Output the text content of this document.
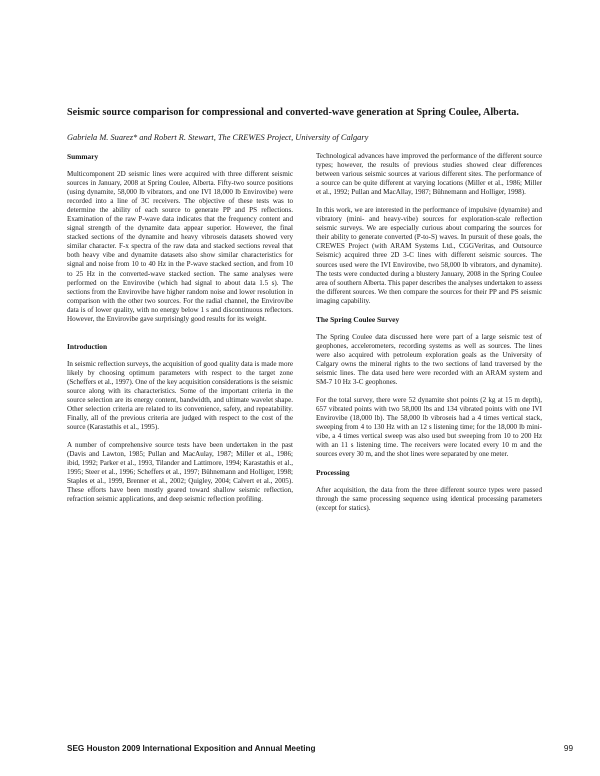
Seismic source comparison for compressional and converted-wave generation at Spring Coulee, Alberta.
Gabriela M. Suarez* and Robert R. Stewart, The CREWES Project, University of Calgary
Summary

Multicomponent 2D seismic lines were acquired with three different seismic sources in January, 2008 at Spring Coulee, Alberta. Fifty-two source positions (using dynamite, 58,000 lb vibrators, and one IVI 18,000 lb Envirovibe) were recorded into a line of 3C receivers. The objective of these tests was to determine the ability of each source to generate PP and PS reflections. Examination of the raw P-wave data indicates that the frequency content and signal strength of the dynamite data appear superior. However, the final stacked sections of the dynamite and heavy vibroseis datasets showed very similar character. F-x spectra of the raw data and stacked sections reveal that both heavy vibe and dynamite datasets also show similar characteristics for signal and noise from 10 to 40 Hz in the P-wave stacked section, and from 10 to 25 Hz in the converted-wave stacked section. The same analyses were performed on the Envirovibe (which had signal to about data 1.5 s). The sections from the Envirovibe have higher random noise and lower resolution in comparison with the other two sources. For the radial channel, the Envirovibe data is of lower quality, with no energy below 1 s and discontinuous reflectors. However, the Envirovibe gave surprisingly good results for its weight.

Introduction

In seismic reflection surveys, the acquisition of good quality data is made more likely by choosing optimum parameters with respect to the target zone (Scheffers et al., 1997). One of the key acquisition considerations is the seismic source along with its characteristics. Some of the important criteria in the source selection are its energy content, bandwidth, and ultimate wavelet shape. Other selection criteria are related to its convenience, safety, and repeatability. Finally, all of the previous criteria are judged with respect to the cost of the source (Karastathis et al., 1995).

A number of comprehensive source tests have been undertaken in the past (Davis and Lawton, 1985; Pullan and MacAulay, 1987; Miller et al., 1986; ibid, 1992; Parker et al., 1993, Tilander and Lattimore, 1994; Karastathis et al., 1995; Steer et al., 1996; Scheffers et al., 1997; Bühnemann and Holliger, 1998; Staples et al., 1999, Brenner et al., 2002; Quigley, 2004; Calvert et al., 2005). These efforts have been mostly geared toward shallow seismic reflection, refraction seismic applications, and deep seismic reflection profiling.

Technological advances have improved the performance of the different source types; however, the results of previous studies showed clear differences between various seismic sources at various different sites. The performance of a source can be quite different at varying locations (Miller et al., 1986; Miller et al., 1992; Pullan and MacAllay, 1987; Bühnemann and Holliger, 1998).

In this work, we are interested in the performance of impulsive (dynamite) and vibratory (mini- and heavy-vibe) sources for exploration-scale reflection seismic surveys. We are especially curious about comparing the sources for their ability to generate converted (P-to-S) waves. In pursuit of these goals, the CREWES Project (with ARAM Systems Ltd., CGGVeritas, and Outsource Seismic) acquired three 2D 3-C lines with different seismic sources. The sources used were the IVI Envirovibe, two 58,000 lb vibrators, and dynamite). The tests were conducted during a blustery January, 2008 in the Spring Coulee area of southern Alberta. This paper describes the analyses undertaken to assess the different sources. We then compare the sources for their PP and PS seismic imaging capability.

The Spring Coulee Survey

The Spring Coulee data discussed here were part of a large seismic test of geophones, accelerometers, recording systems as well as sources. The lines were also acquired with petroleum exploration goals as the University of Calgary owns the mineral rights to the two sections of land traversed by the seismic lines. The data used here were recorded with an ARAM system and SM-7 10 Hz 3-C geophones.

For the total survey, there were 52 dynamite shot points (2 kg at 15 m depth), 657 vibrated points with two 58,000 lbs and 134 vibrated points with one IVI Envirovibe (18,000 lb). The 58,000 lb vibroseis had a 4 times vertical stack, sweeping from 4 to 130 Hz with an 12 s listening time; for the 18,000 lb mini-vibe, a 4 times vertical sweep was also used but sweeping from 10 to 200 Hz with an 11 s listening time. The receivers were located every 10 m and the sources every 30 m, and the shot lines were separated by one meter.

Processing

After acquisition, the data from the three different source types were passed through the same processing sequence using identical processing parameters (except for statics).

SEG Houston 2009 International Exposition and Annual Meeting	99
